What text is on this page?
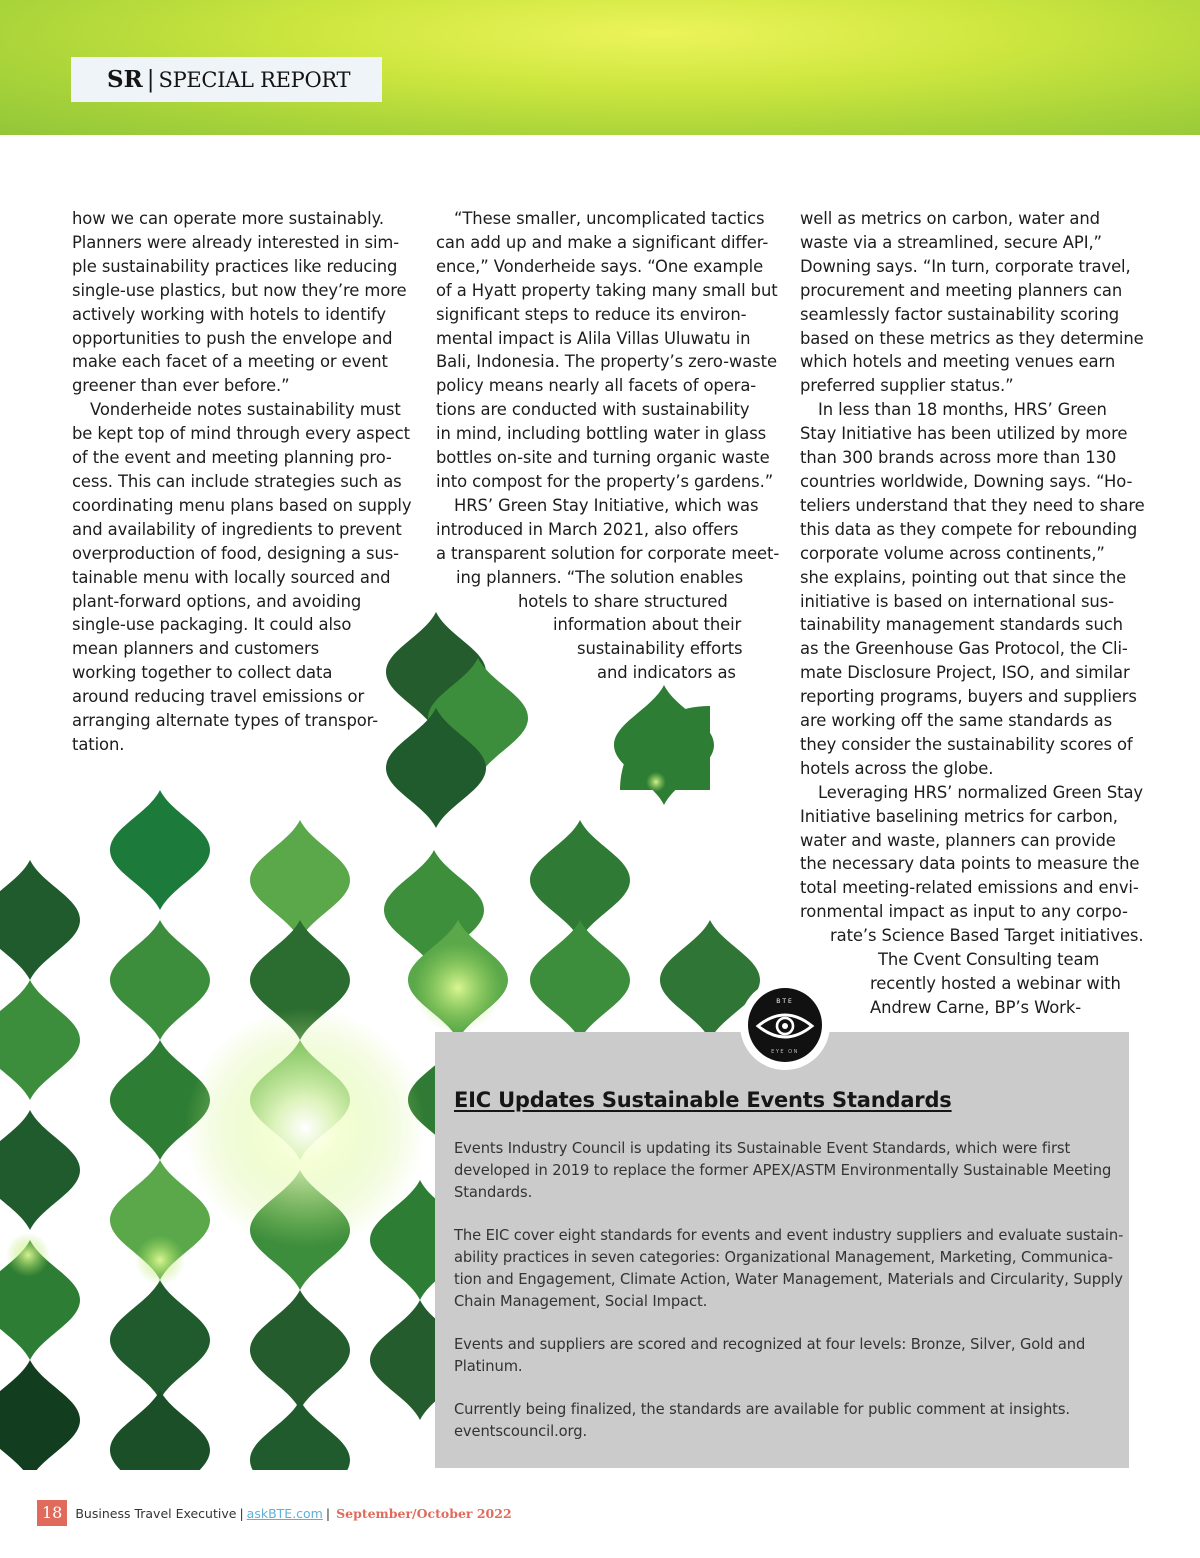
SR | SPECIAL REPORT

how we can operate more sustainably.
Planners were already interested in sim-
ple sustainability practices like reducing
single-use plastics, but now they’re more
actively working with hotels to identify
opportunities to push the envelope and
make each facet of a meeting or event
greener than ever before.”

Vonderheide notes sustainability must
be kept top of mind through every aspect
of the event and meeting planning pro-
cess. This can include strategies such as
coordinating menu plans based on supply
and availability of ingredients to prevent
overproduction of food, designing a sus-
tainable menu with locally sourced and
plant-forward options, and avoiding
single-use packaging. It could also
mean planners and customers
working together to collect data
around reducing travel emissions or
arranging alternate types of transpor-
tation.

“These smaller, uncomplicated tactics
can add up and make a significant differ-
ence,” Vonderheide says. “One example
of a Hyatt property taking many small but
significant steps to reduce its environ-
mental impact is Alila Villas Uluwatu in
Bali, Indonesia. The property’s zero-waste
policy means nearly all facets of opera-
tions are conducted with sustainability
in mind, including bottling water in glass
bottles on-site and turning organic waste
into compost for the property’s gardens.”

HRS’ Green Stay Initiative, which was
introduced in March 2021, also offers
a transparent solution for corporate meet-
ing planners. “The solution enables
hotels to share structured
information about their
sustainability efforts
and indicators as

well as metrics on carbon, water and
waste via a streamlined, secure API,”
Downing says. “In turn, corporate travel,
procurement and meeting planners can
seamlessly factor sustainability scoring
based on these metrics as they determine
which hotels and meeting venues earn
preferred supplier status.”

In less than 18 months, HRS’ Green
Stay Initiative has been utilized by more
than 300 brands across more than 130
countries worldwide, Downing says. “Ho-
teliers understand that they need to share
this data as they compete for rebounding
corporate volume across continents,”
she explains, pointing out that since the
initiative is based on international sus-
tainability management standards such
as the Greenhouse Gas Protocol, the Cli-
mate Disclosure Project, ISO, and similar
reporting programs, buyers and suppliers
are working off the same standards as
they consider the sustainability scores of
hotels across the globe.

Leveraging HRS’ normalized Green Stay
Initiative baselining metrics for carbon,
water and waste, planners can provide
the necessary data points to measure the
total meeting-related emissions and envi-
ronmental impact as input to any corpo-
rate’s Science Based Target initiatives.
The Cvent Consulting team
recently hosted a webinar with
Andrew Carne, BP’s Work-

EIC Updates Sustainable Events Standards

Events Industry Council is updating its Sustainable Event Standards, which were first
developed in 2019 to replace the former APEX/ASTM Environmentally Sustainable Meeting
Standards.

The EIC cover eight standards for events and event industry suppliers and evaluate sustain-
ability practices in seven categories: Organizational Management, Marketing, Communica-
tion and Engagement, Climate Action, Water Management, Materials and Circularity, Supply
Chain Management, Social Impact.

Events and suppliers are scored and recognized at four levels: Bronze, Silver, Gold and
Platinum.

Currently being finalized, the standards are available for public comment at insights.
eventscouncil.org.

BTE
EYE ON
18	Business Travel Executive | askBTE.com | September/October 2022
